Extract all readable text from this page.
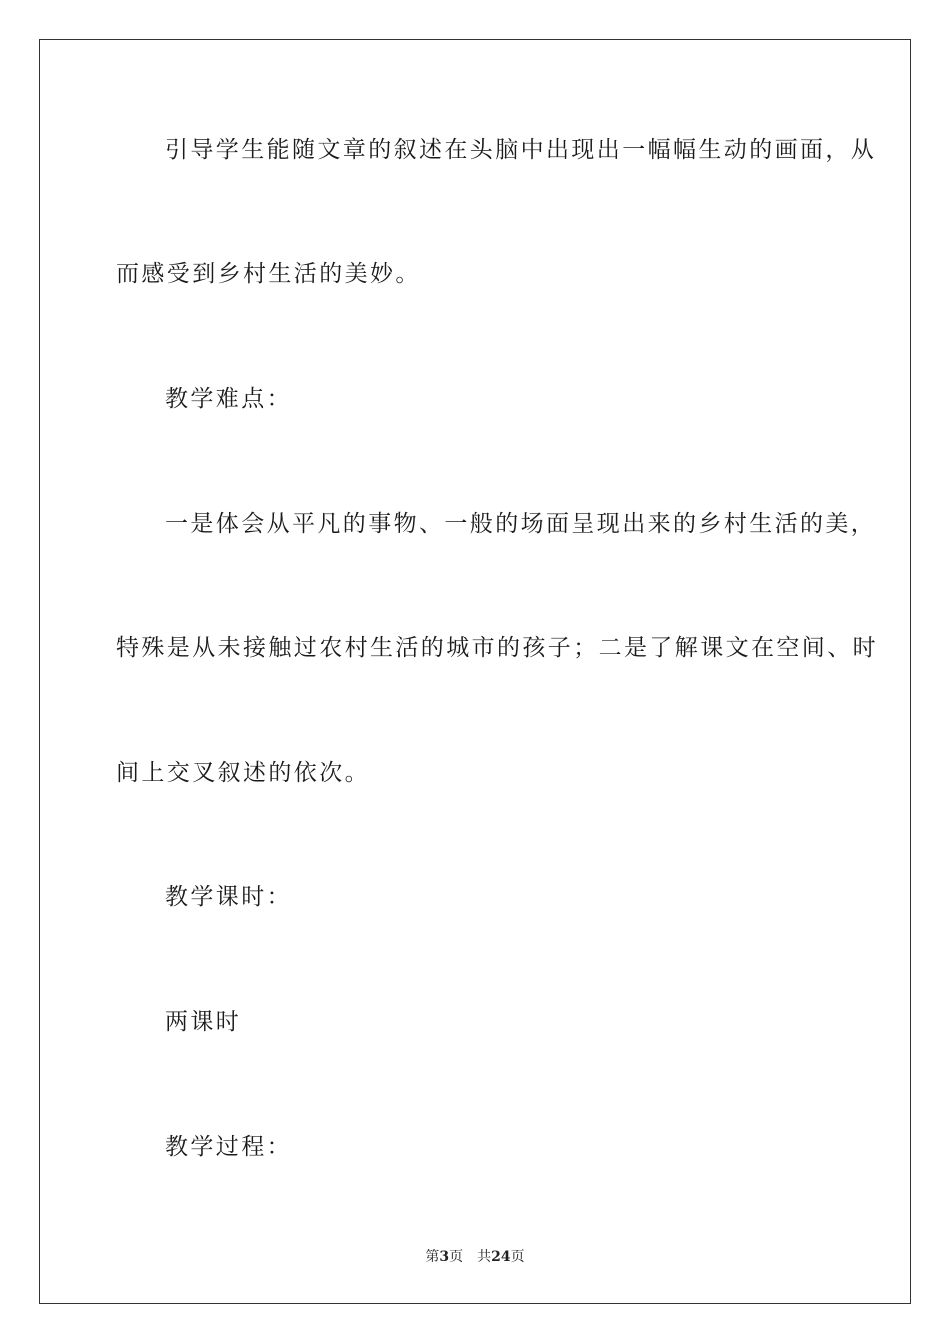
引导学生能随文章的叙述在头脑中出现出一幅幅生动的画面，从
而感受到乡村生活的美妙。
教学难点：
一是体会从平凡的事物、一般的场面呈现出来的乡村生活的美，
特殊是从未接触过农村生活的城市的孩子；二是了解课文在空间、时
间上交叉叙述的依次。
教学课时：
两课时
教学过程：
第3页 共24页
